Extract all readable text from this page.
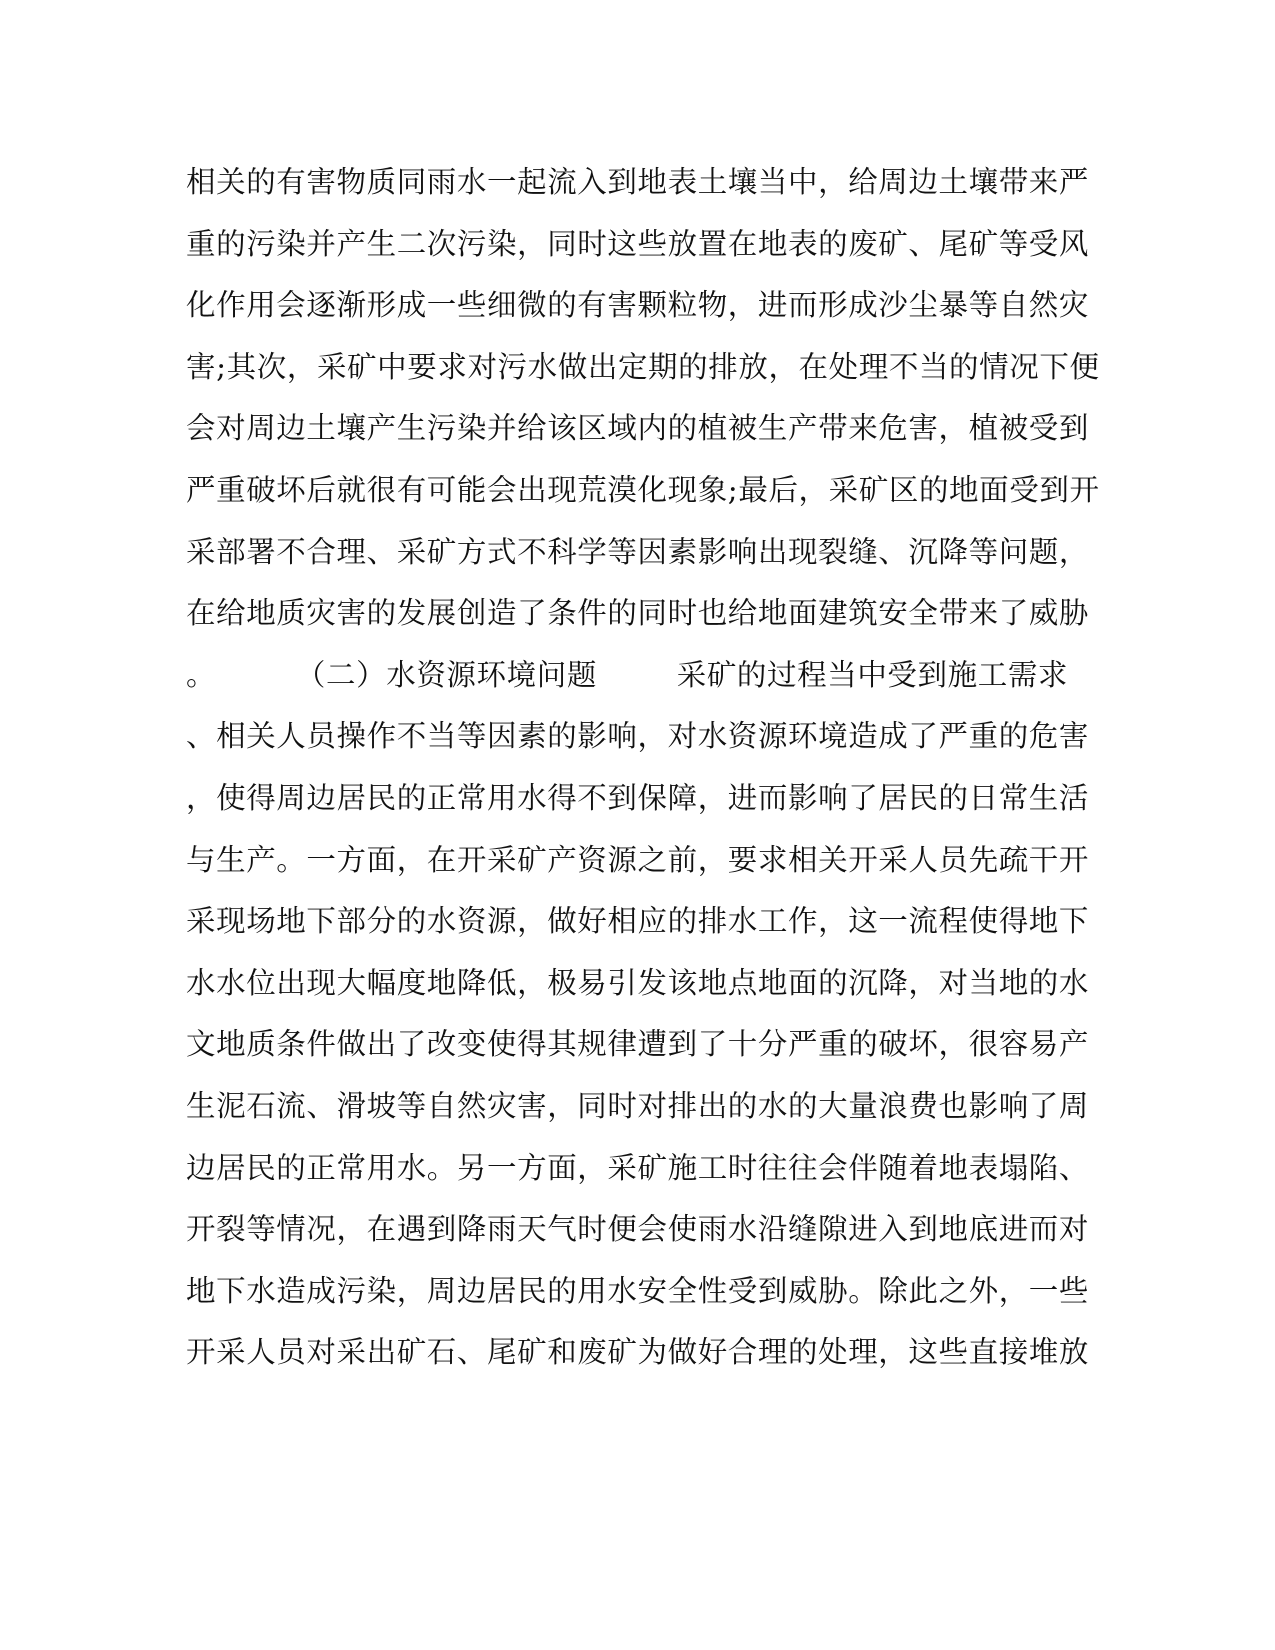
相关的有害物质同雨水一起流入到地表土壤当中，给周边土壤带来严
重的污染并产生二次污染，同时这些放置在地表的废矿、尾矿等受风
化作用会逐渐形成一些细微的有害颗粒物，进而形成沙尘暴等自然灾
害;其次，采矿中要求对污水做出定期的排放，在处理不当的情况下便
会对周边土壤产生污染并给该区域内的植被生产带来危害，植被受到
严重破坏后就很有可能会出现荒漠化现象;最后，采矿区的地面受到开
采部署不合理、采矿方式不科学等因素影响出现裂缝、沉降等问题，
在给地质灾害的发展创造了条件的同时也给地面建筑安全带来了威胁
。        （二）水资源环境问题        采矿的过程当中受到施工需求
、相关人员操作不当等因素的影响，对水资源环境造成了严重的危害
，使得周边居民的正常用水得不到保障，进而影响了居民的日常生活
与生产。一方面，在开采矿产资源之前，要求相关开采人员先疏干开
采现场地下部分的水资源，做好相应的排水工作，这一流程使得地下
水水位出现大幅度地降低，极易引发该地点地面的沉降，对当地的水
文地质条件做出了改变使得其规律遭到了十分严重的破坏，很容易产
生泥石流、滑坡等自然灾害，同时对排出的水的大量浪费也影响了周
边居民的正常用水。另一方面，采矿施工时往往会伴随着地表塌陷、
开裂等情况，在遇到降雨天气时便会使雨水沿缝隙进入到地底进而对
地下水造成污染，周边居民的用水安全性受到威胁。除此之外，一些
开采人员对采出矿石、尾矿和废矿为做好合理的处理，这些直接堆放
